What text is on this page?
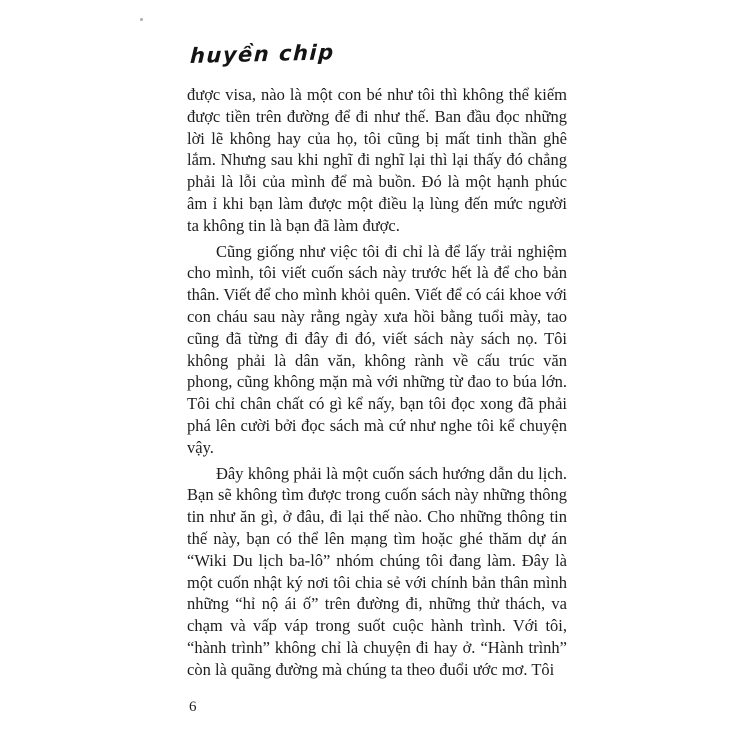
huyền chip

được visa, nào là một con bé như tôi thì không thể kiếm được tiền trên đường để đi như thế. Ban đầu đọc những lời lẽ không hay của họ, tôi cũng bị mất tinh thần ghê lắm. Nhưng sau khi nghĩ đi nghĩ lại thì lại thấy đó chẳng phải là lỗi của mình để mà buồn. Đó là một hạnh phúc âm ỉ khi bạn làm được một điều lạ lùng đến mức người ta không tin là bạn đã làm được.

Cũng giống như việc tôi đi chỉ là để lấy trải nghiệm cho mình, tôi viết cuốn sách này trước hết là để cho bản thân. Viết để cho mình khỏi quên. Viết để có cái khoe với con cháu sau này rằng ngày xưa hồi bằng tuổi mày, tao cũng đã từng đi đây đi đó, viết sách này sách nọ. Tôi không phải là dân văn, không rành về cấu trúc văn phong, cũng không mặn mà với những từ đao to búa lớn. Tôi chỉ chân chất có gì kể nấy, bạn tôi đọc xong đã phải phá lên cười bởi đọc sách mà cứ như nghe tôi kể chuyện vậy.

Đây không phải là một cuốn sách hướng dẫn du lịch. Bạn sẽ không tìm được trong cuốn sách này những thông tin như ăn gì, ở đâu, đi lại thế nào. Cho những thông tin thế này, bạn có thể lên mạng tìm hoặc ghé thăm dự án “Wiki Du lịch ba-lô” nhóm chúng tôi đang làm. Đây là một cuốn nhật ký nơi tôi chia sẻ với chính bản thân mình những “hỉ nộ ái ố” trên đường đi, những thử thách, va chạm và vấp váp trong suốt cuộc hành trình. Với tôi, “hành trình” không chỉ là chuyện đi hay ở. “Hành trình” còn là quãng đường mà chúng ta theo đuổi ước mơ. Tôi

6
